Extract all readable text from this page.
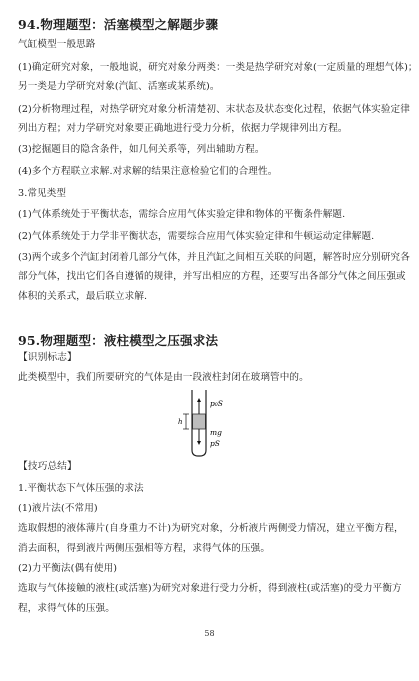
94.物理题型：活塞模型之解题步骤
气缸模型一般思路
(1)确定研究对象，一般地说，研究对象分两类：一类是热学研究对象(一定质量的理想气体)；
另一类是力学研究对象(汽缸、活塞或某系统)。
(2)分析物理过程，对热学研究对象分析清楚初、末状态及状态变化过程，依据气体实验定律
列出方程；对力学研究对象要正确地进行受力分析，依据力学规律列出方程。
(3)挖掘题目的隐含条件，如几何关系等，列出辅助方程。
(4)多个方程联立求解.对求解的结果注意检验它们的合理性。
3.常见类型
(1)气体系统处于平衡状态，需综合应用气体实验定律和物体的平衡条件解题.
(2)气体系统处于力学非平衡状态，需要综合应用气体实验定律和牛顿运动定律解题.
(3)两个或多个汽缸封闭着几部分气体，并且汽缸之间相互关联的问题，解答时应分别研究各
部分气体，找出它们各自遵循的规律，并写出相应的方程，还要写出各部分气体之间压强或
体积的关系式，最后联立求解.
95.物理题型：液柱模型之压强求法
【识别标志】
此类模型中，我们所要研究的气体是由一段液柱封闭在玻璃管中的。
h
p₀S
mg
pS
【技巧总结】
1.平衡状态下气体压强的求法
(1)液片法(不常用)
选取假想的液体薄片(自身重力不计)为研究对象，分析液片两侧受力情况，建立平衡方程，
消去面积，得到液片两侧压强相等方程，求得气体的压强。
(2)力平衡法(偶有使用)
选取与气体接触的液柱(或活塞)为研究对象进行受力分析，得到液柱(或活塞)的受力平衡方
程，求得气体的压强。
58
